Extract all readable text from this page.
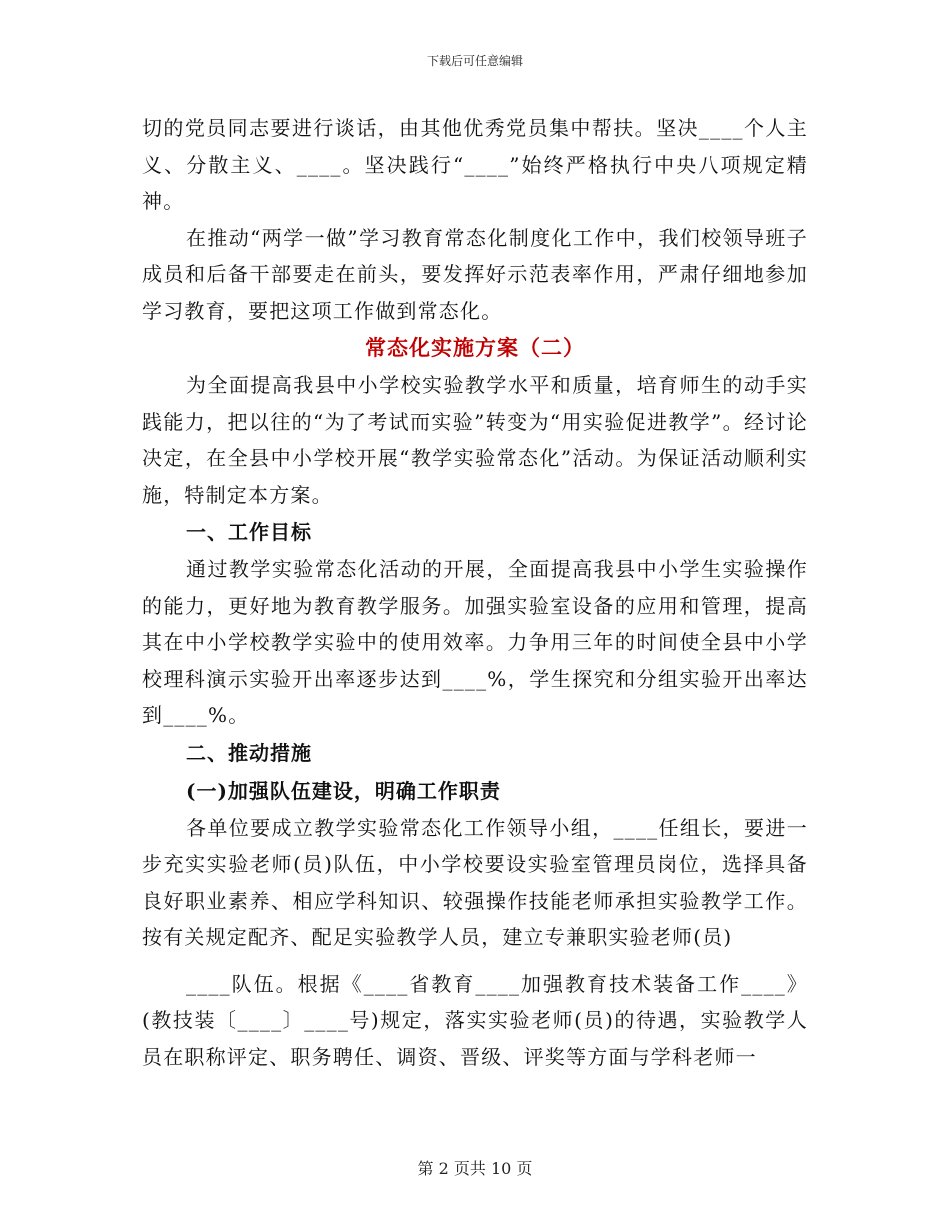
下载后可任意编辑

切的党员同志要进行谈话，由其他优秀党员集中帮扶。坚决____个人主义、分散主义、____。坚决践行“____”始终严格执行中央八项规定精神。

在推动“两学一做”学习教育常态化制度化工作中，我们校领导班子成员和后备干部要走在前头，要发挥好示范表率作用，严肃仔细地参加学习教育，要把这项工作做到常态化。

常态化实施方案（二）

为全面提高我县中小学校实验教学水平和质量，培育师生的动手实践能力，把以往的“为了考试而实验”转变为“用实验促进教学”。经讨论决定，在全县中小学校开展“教学实验常态化”活动。为保证活动顺利实施，特制定本方案。

一、工作目标

通过教学实验常态化活动的开展，全面提高我县中小学生实验操作的能力，更好地为教育教学服务。加强实验室设备的应用和管理，提高其在中小学校教学实验中的使用效率。力争用三年的时间使全县中小学校理科演示实验开出率逐步达到____%，学生探究和分组实验开出率达到____%。

二、推动措施

(一)加强队伍建设，明确工作职责

各单位要成立教学实验常态化工作领导小组，____任组长，要进一步充实实验老师(员)队伍，中小学校要设实验室管理员岗位，选择具备良好职业素养、相应学科知识、较强操作技能老师承担实验教学工作。按有关规定配齐、配足实验教学人员，建立专兼职实验老师(员)

____队伍。根据《____省教育____加强教育技术装备工作____》(教技装〔____〕____号)规定，落实实验老师(员)的待遇，实验教学人员在职称评定、职务聘任、调资、晋级、评奖等方面与学科老师一

第 2 页共 10 页
